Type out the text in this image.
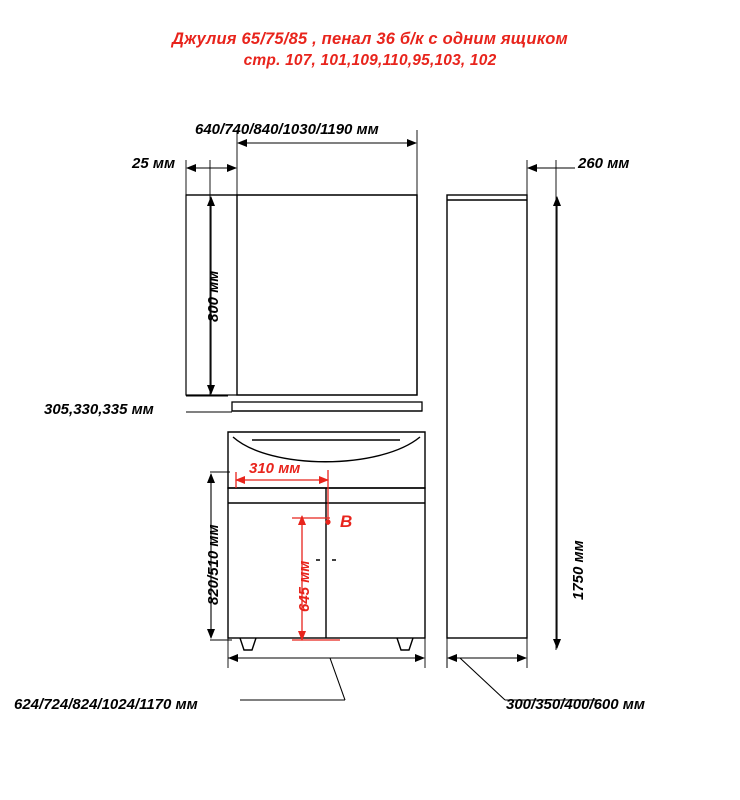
Джулия 65/75/85 , пенал 36 б/к с одним ящиком
стр. 107, 101,109,110,95,103, 102
640/740/840/1030/1190 мм
25 мм	260 мм
800 мм
305,330,335 мм
820/510 мм	1750 мм
310 мм
645 мм
B
624/724/824/1024/1170 мм	300/350/400/600 мм
